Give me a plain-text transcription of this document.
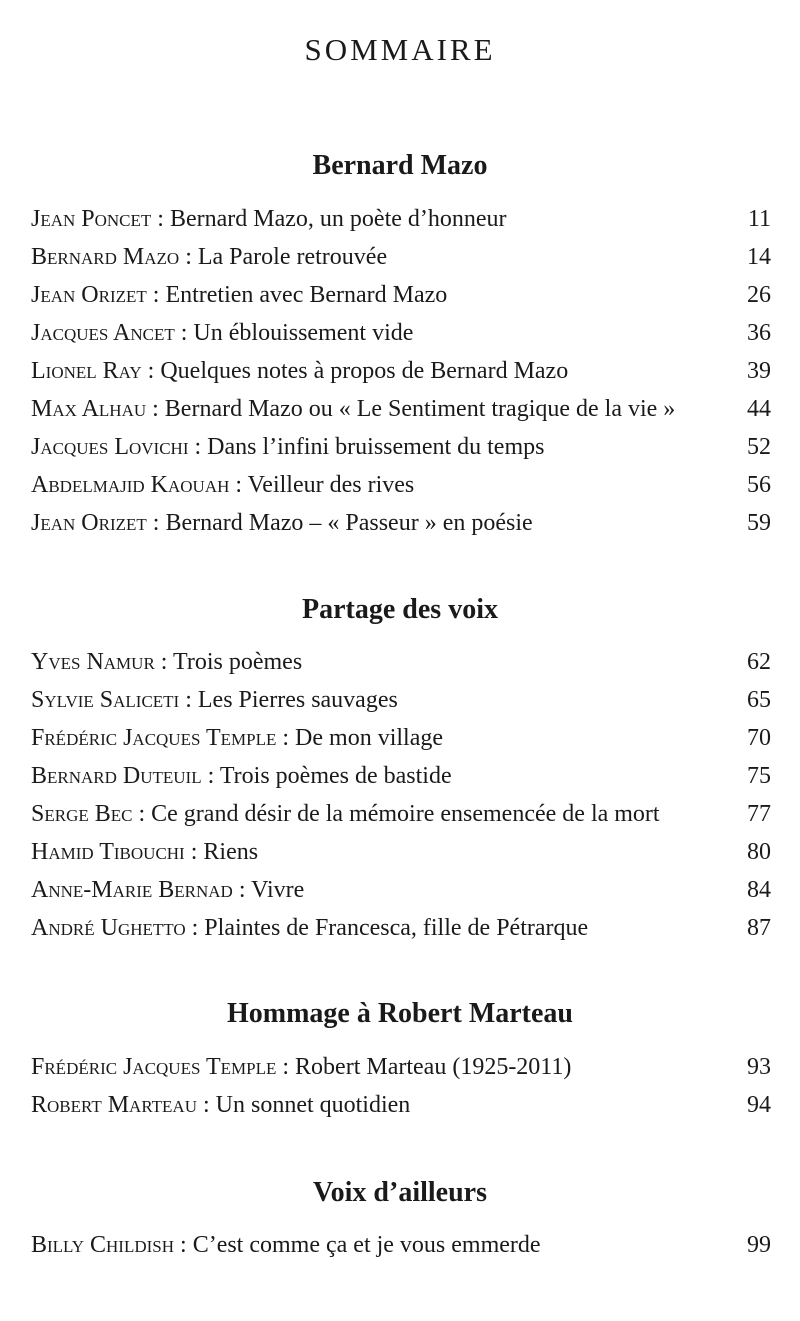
SOMMAIRE
Bernard Mazo
Jean Poncet : Bernard Mazo, un poète d’honneur	11
Bernard Mazo : La Parole retrouvée	14
Jean Orizet : Entretien avec Bernard Mazo	26
Jacques Ancet : Un éblouissement vide	36
Lionel Ray : Quelques notes à propos de Bernard Mazo	39
Max Alhau : Bernard Mazo ou « Le Sentiment tragique de la vie »	44
Jacques Lovichi : Dans l’infini bruissement du temps	52
Abdelmajid Kaouah : Veilleur des rives	56
Jean Orizet : Bernard Mazo – « Passeur » en poésie	59
Partage des voix
Yves Namur : Trois poèmes	62
Sylvie Saliceti : Les Pierres sauvages	65
Frédéric Jacques Temple : De mon village	70
Bernard Duteuil : Trois poèmes de bastide	75
Serge Bec : Ce grand désir de la mémoire ensemencée de la mort	77
Hamid Tibouchi : Riens	80
Anne-Marie Bernad : Vivre	84
André Ughetto : Plaintes de Francesca, fille de Pétrarque	87
Hommage à Robert Marteau
Frédéric Jacques Temple : Robert Marteau (1925-2011)	93
Robert Marteau : Un sonnet quotidien	94
Voix d’ailleurs
Billy Childish : C’est comme ça et je vous emmerde	99
